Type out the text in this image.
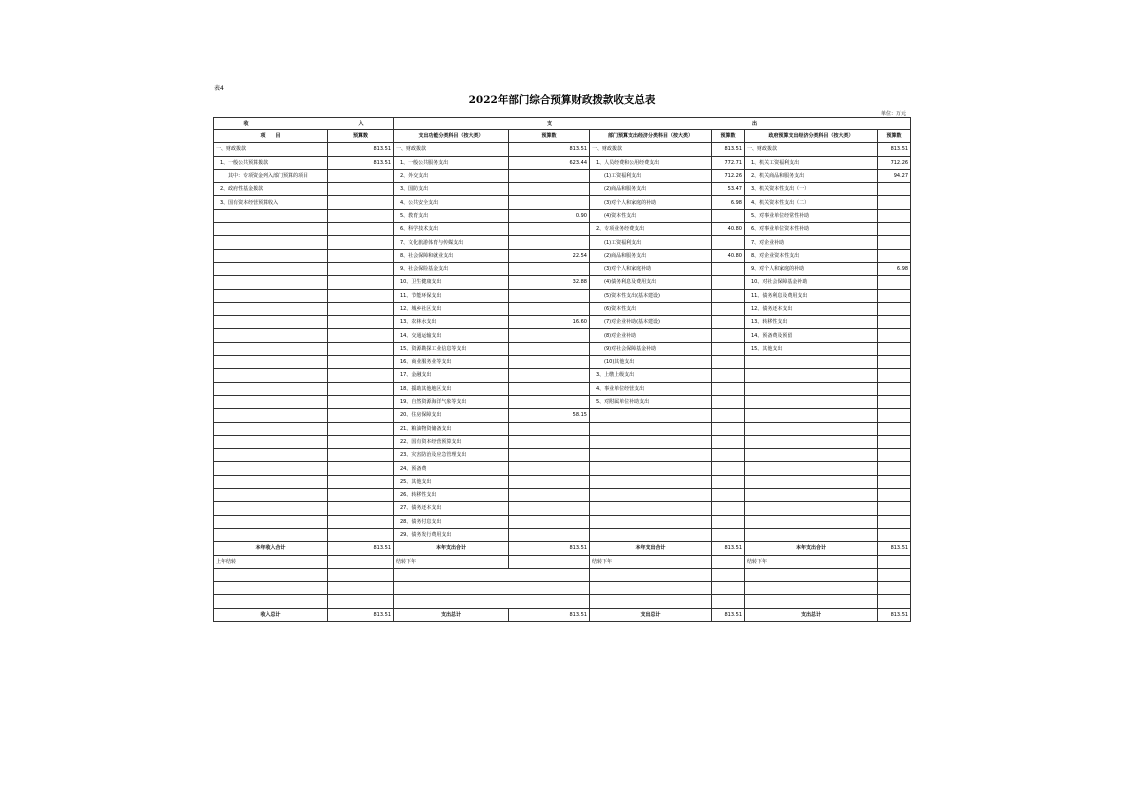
表4
2022年部门综合预算财政拨款收支总表
单位：万元
收 入		支 出					
项　　目	预算数	支出功能分类科目（按大类）	预算数	部门预算支出经济分类科目（按大类）	预算数	政府预算支出经济分类科目（按大类）	预算数
一、财政拨款	813.51	一、财政拨款	813.51	一、财政拨款	813.51	一、财政拨款	813.51
1、一般公共预算拨款	813.51	1、一般公共服务支出	623.44	1、人员经费和公用经费支出	772.71	1、机关工资福利支出	712.26
其中：专项资金列入部门预算的项目		2、外交支出		(1)工资福利支出	712.26	2、机关商品和服务支出	94.27
2、政府性基金拨款		3、国防支出		(2)商品和服务支出	53.47	3、机关资本性支出（一）	
3、国有资本经营预算收入		4、公共安全支出		(3)对个人和家庭的补助	6.98	4、机关资本性支出（二）	
		5、教育支出	0.90	(4)资本性支出		5、对事业单位经常性补助	
		6、科学技术支出		2、专项业务经费支出	40.80	6、对事业单位资本性补助	
		7、文化旅游体育与传媒支出		(1)工资福利支出		7、对企业补助	
		8、社会保障和就业支出	22.54	(2)商品和服务支出	40.80	8、对企业资本性支出	
		9、社会保险基金支出		(3)对个人和家庭补助		9、对个人和家庭的补助	6.98
		10、卫生健康支出	32.88	(4)债务利息及费用支出		10、对社会保障基金补助	
		11、节能环保支出		(5)资本性支出(基本建设)		11、债务利息及费用支出	
		12、城乡社区支出		(6)资本性支出		12、债务还本支出	
		13、农林水支出	16.60	(7)对企业补助(基本建设)		13、转移性支出	
		14、交通运输支出		(8)对企业补助		14、预备费及预留	
		15、资源勘探工业信息等支出		(9)对社会保障基金补助		15、其他支出	
		16、商业服务业等支出		(10)其他支出			
		17、金融支出		3、上缴上级支出			
		18、援助其他地区支出		4、事业单位经营支出			
		19、自然资源海洋气象等支出		5、对附属单位补助支出			
		20、住房保障支出	58.15				
		21、粮油物资储备支出					
		22、国有资本经营预算支出					
		23、灾害防治及应急管理支出					
		24、预备费					
		25、其他支出					
		26、转移性支出					
		27、债务还本支出					
		28、债务付息支出					
		29、债务发行费用支出					
本年收入合计	813.51	本年支出合计	813.51	本年支出合计	813.51	本年支出合计	813.51
上年结转		结转下年		结转下年		结转下年	

收入总计	813.51	支出总计	813.51	支出总计	813.51	支出总计	813.51
